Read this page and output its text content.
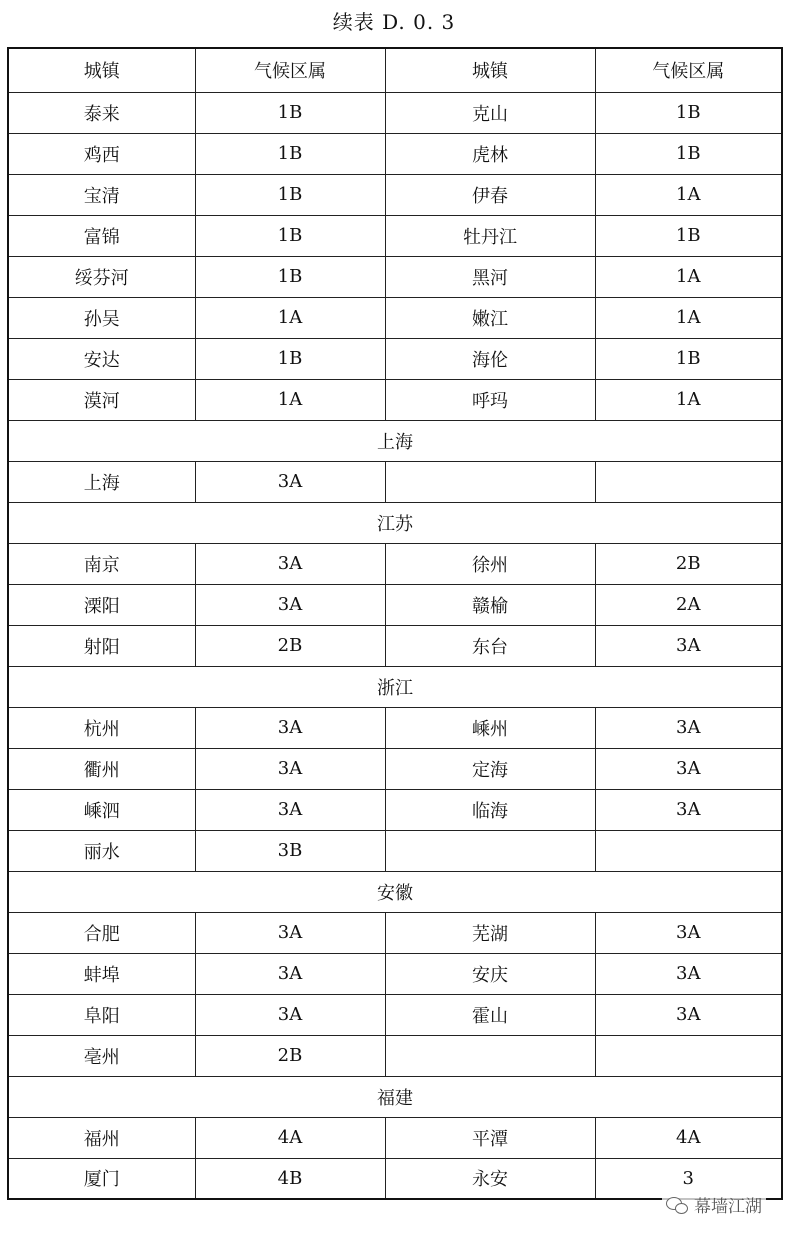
续表 D. 0. 3
城镇	气候区属	城镇	气候区属
泰来	1B	克山	1B
鸡西	1B	虎林	1B
宝清	1B	伊春	1A
富锦	1B	牡丹江	1B
绥芬河	1B	黑河	1A
孙吴	1A	嫩江	1A
安达	1B	海伦	1B
漠河	1A	呼玛	1A
上海			
上海	3A		
江苏			
南京	3A	徐州	2B
溧阳	3A	赣榆	2A
射阳	2B	东台	3A
浙江			
杭州	3A	嵊州	3A
衢州	3A	定海	3A
嵊泗	3A	临海	3A
丽水	3B		
安徽			
合肥	3A	芜湖	3A
蚌埠	3A	安庆	3A
阜阳	3A	霍山	3A
亳州	2B		
福建			
福州	4A	平潭	4A
厦门	4B	永安	3
幕墙江湖
